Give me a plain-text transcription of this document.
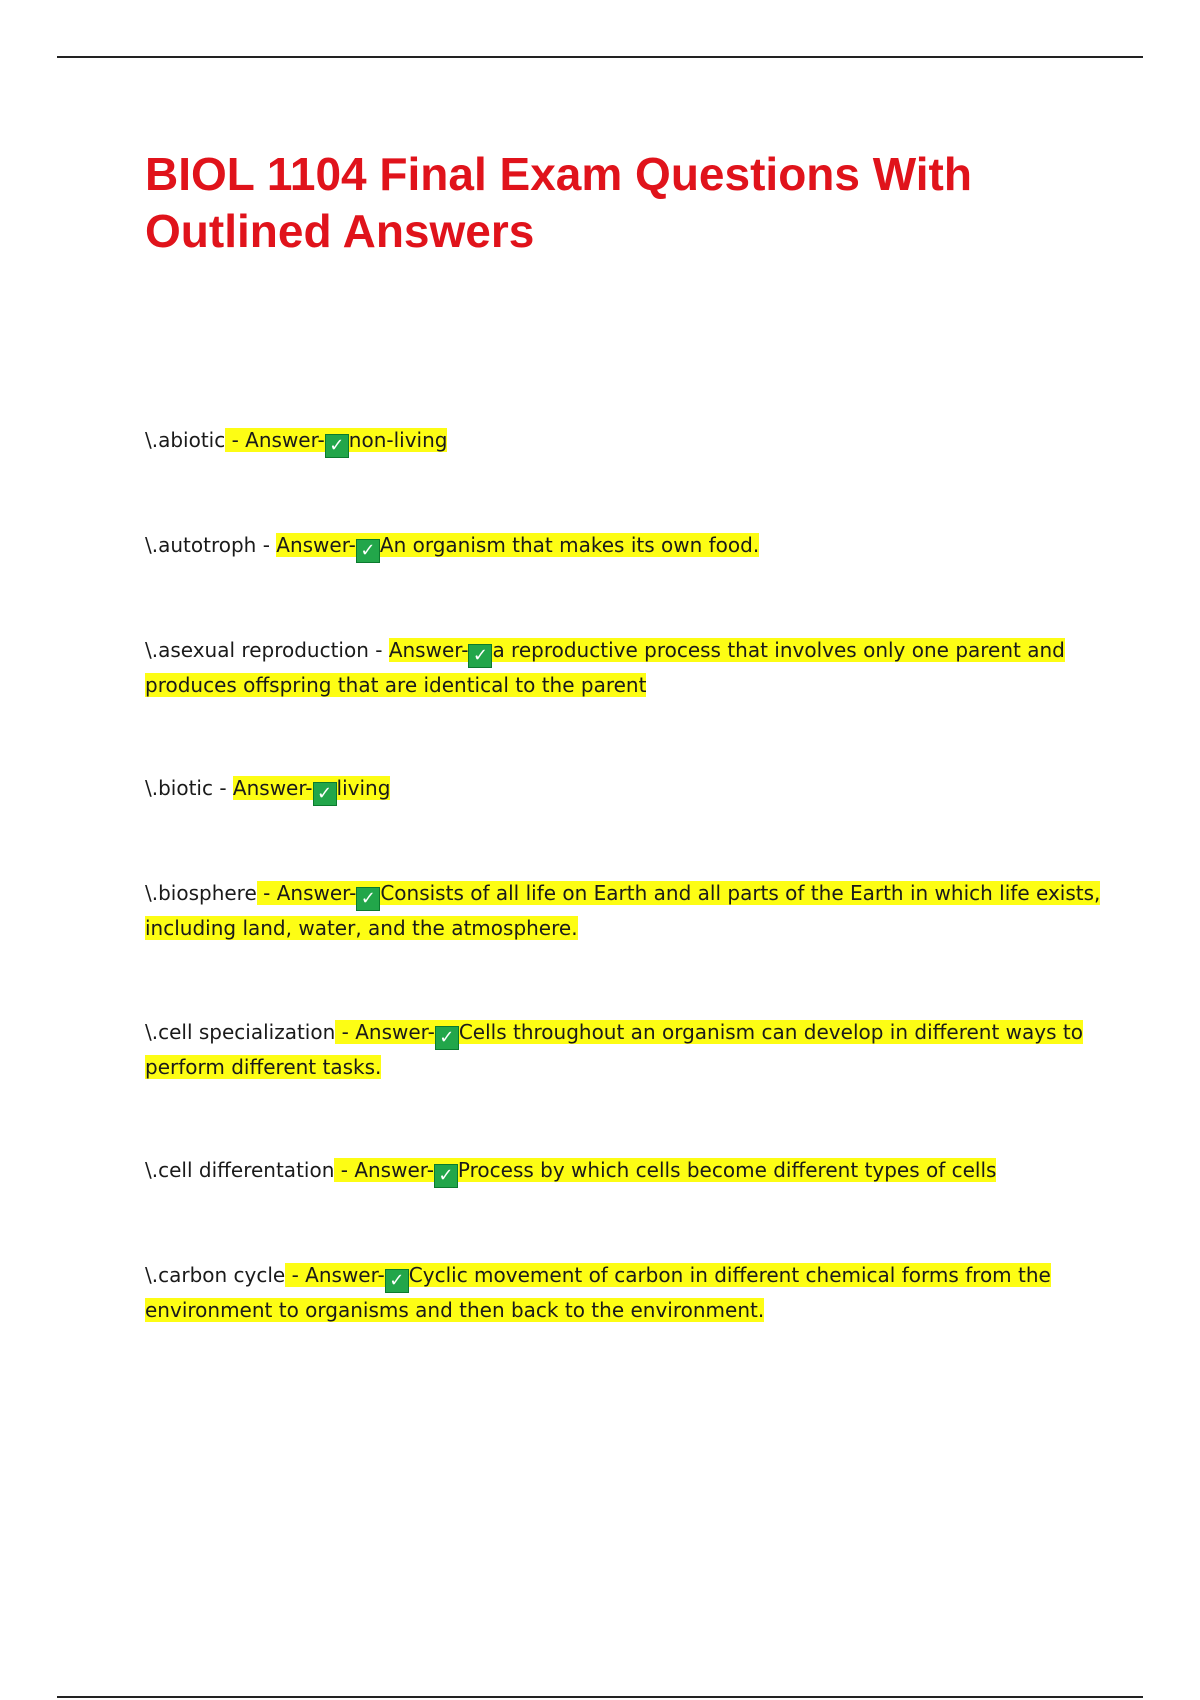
BIOL 1104 Final Exam Questions With Outlined Answers

\.abiotic - Answer- ✓ non-living

\.autotroph - Answer- ✓ An organism that makes its own food.

\.asexual reproduction - Answer- ✓ a reproductive process that involves only one parent and produces offspring that are identical to the parent

\.biotic - Answer- ✓ living

\.biosphere - Answer- ✓ Consists of all life on Earth and all parts of the Earth in which life exists, including land, water, and the atmosphere.

\.cell specialization - Answer- ✓ Cells throughout an organism can develop in different ways to perform different tasks.

\.cell differentation - Answer- ✓ Process by which cells become different types of cells

\.carbon cycle - Answer- ✓ Cyclic movement of carbon in different chemical forms from the environment to organisms and then back to the environment.
